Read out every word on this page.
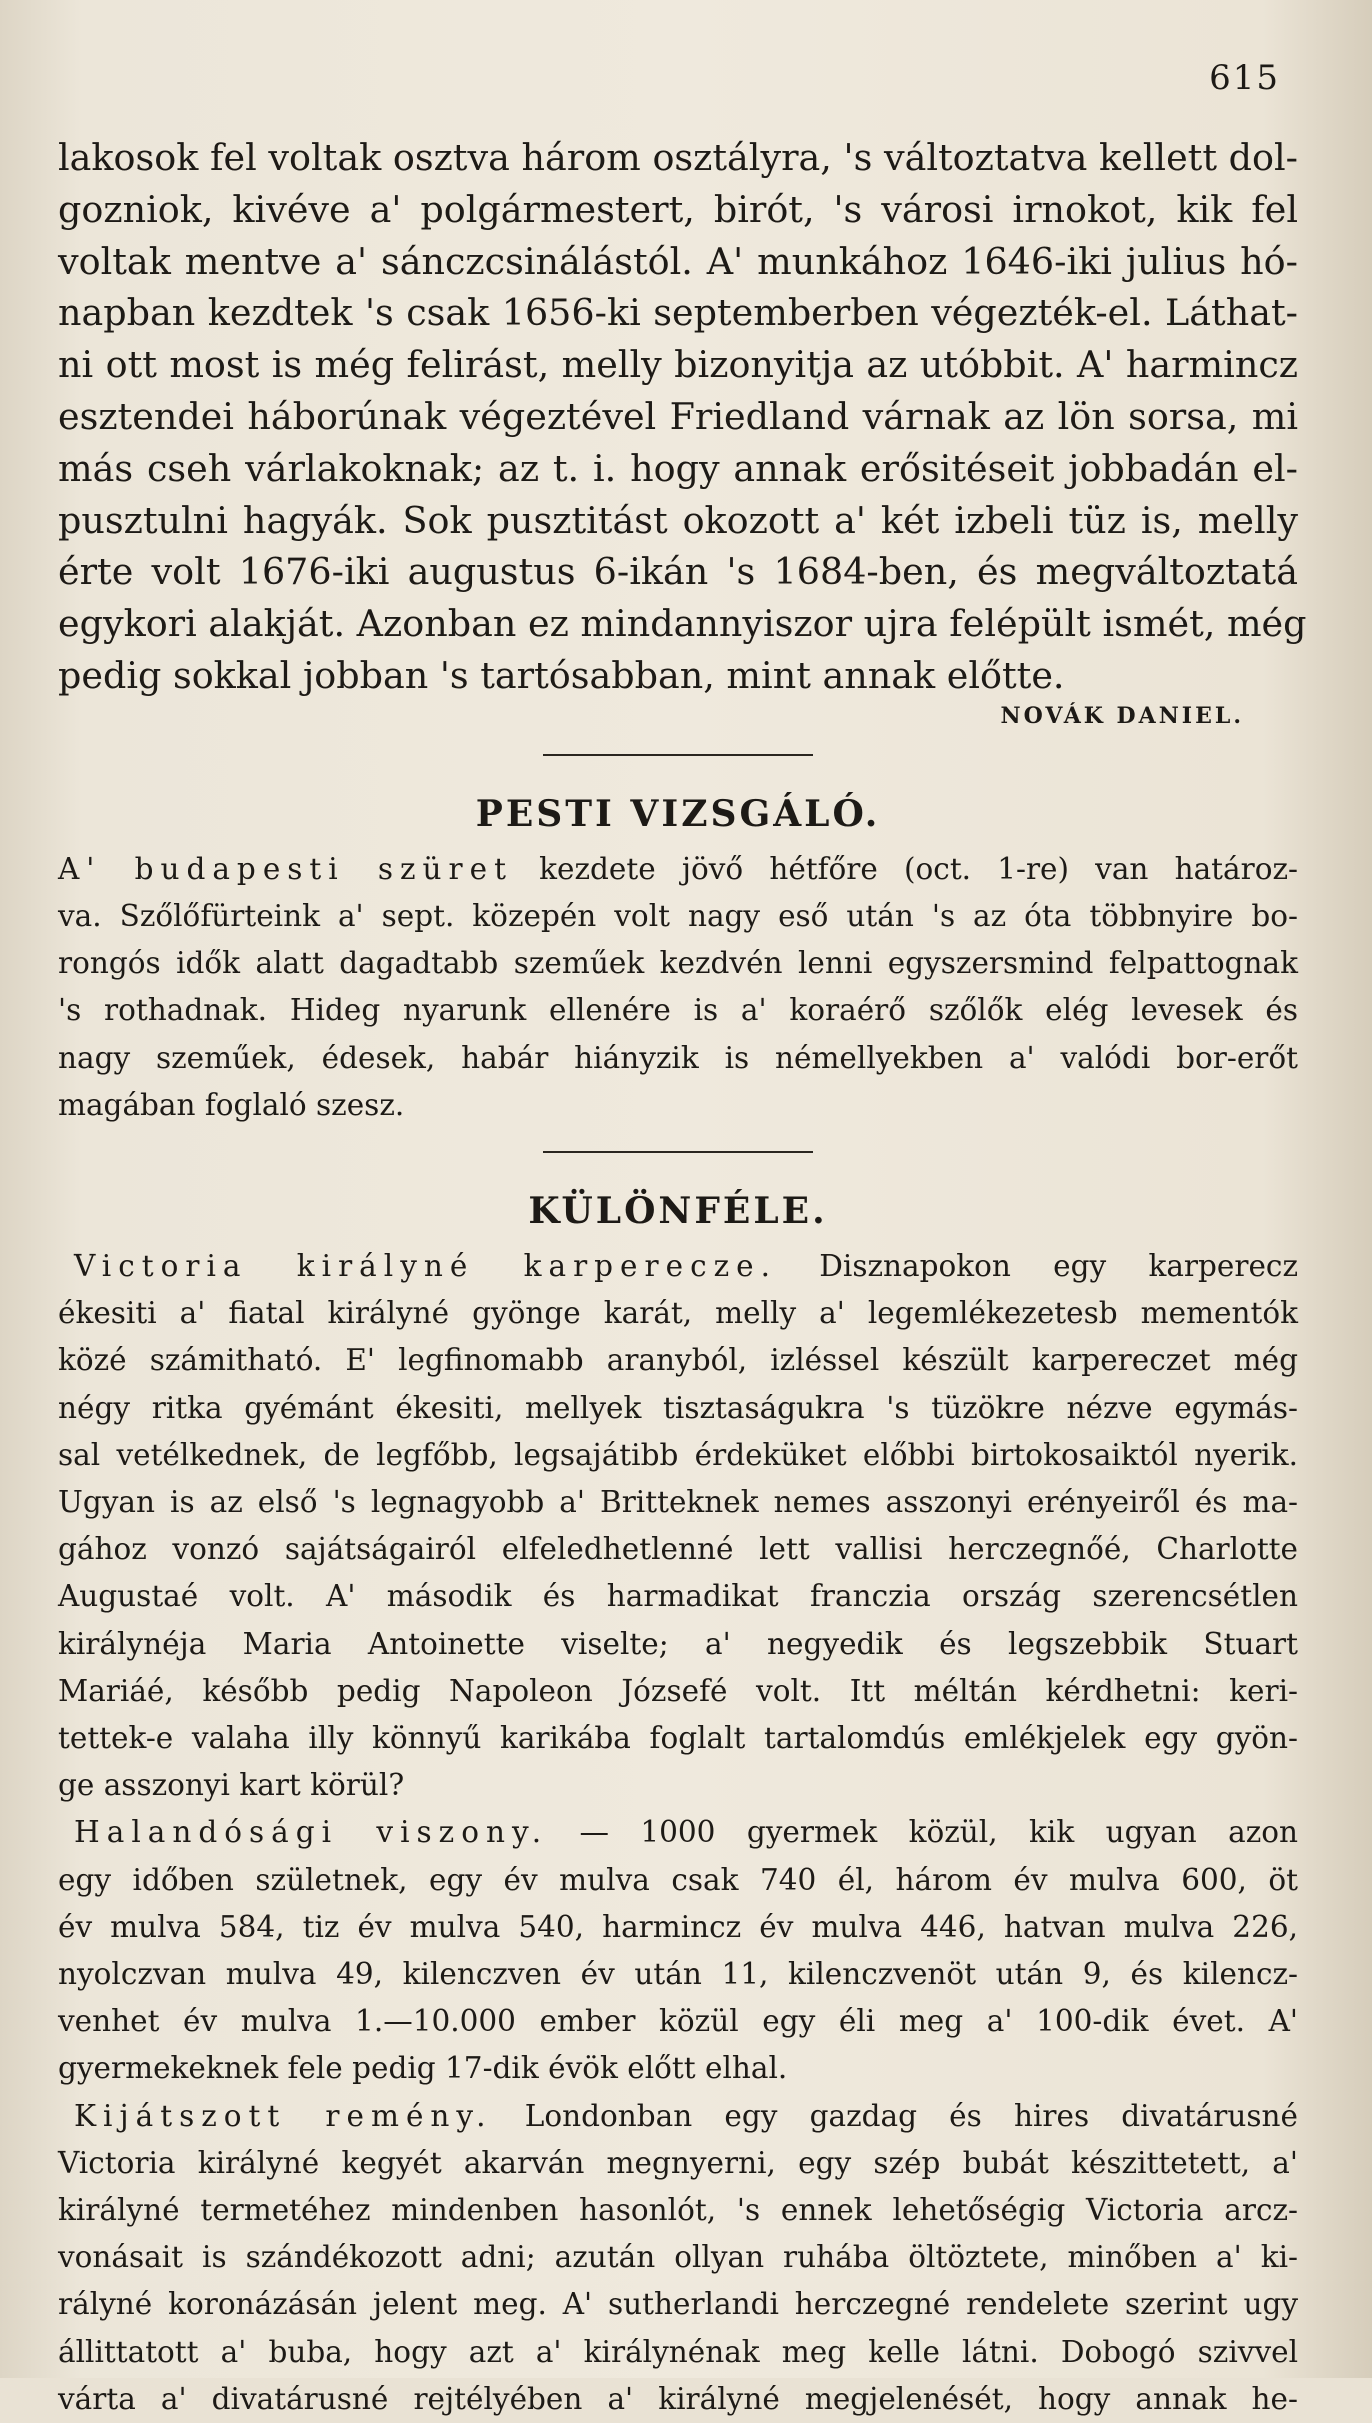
615

lakosok fel voltak osztva három osztályra, 's változtatva kellett dol-

gozniok, kivéve a' polgármestert, birót, 's városi irnokot, kik fel

voltak mentve a' sánczcsinálástól. A' munkához 1646-iki julius hó-

napban kezdtek 's csak 1656-ki septemberben végezték-el. Láthat-

ni ott most is még felirást, melly bizonyitja az utóbbit. A' harmincz

esztendei háborúnak végeztével Friedland várnak az lön sorsa, mi

más cseh várlakoknak; az t. i. hogy annak erősitéseit jobbadán el-

pusztulni hagyák. Sok pusztitást okozott a' két izbeli tüz is, melly

érte volt 1676-iki augustus 6-ikán 's 1684-ben, és megváltoztatá

egykori alakját. Azonban ez mindannyiszor ujra felépült ismét, még

pedig sokkal jobban 's tartósabban, mint annak előtte.

NOVÁK DANIEL.
PESTI VIZSGÁLÓ.

A' budapesti szüret kezdete jövő hétfőre (oct. 1-re) van határoz-

va. Szőlőfürteink a' sept. közepén volt nagy eső után 's az óta többnyire bo-

rongós idők alatt dagadtabb szeműek kezdvén lenni egyszersmind felpattognak

's rothadnak. Hideg nyarunk ellenére is a' koraérő szőlők elég levesek és

nagy szeműek, édesek, habár hiányzik is némellyekben a' valódi bor-erőt

magában foglaló szesz.

KÜLÖNFÉLE.

Victoria királyné karperecze. Disznapokon egy karperecz

ékesiti a' fiatal királyné gyönge karát, melly a' legemlékezetesb mementók

közé számitható. E' legfinomabb aranyból, izléssel készült karpereczet még

négy ritka gyémánt ékesiti, mellyek tisztaságukra 's tüzökre nézve egymás-

sal vetélkednek, de legfőbb, legsajátibb érdeküket előbbi birtokosaiktól nyerik.

Ugyan is az első 's legnagyobb a' Britteknek nemes asszonyi erényeiről és ma-

gához vonzó sajátságairól elfeledhetlenné lett vallisi herczegnőé, Charlotte

Augustaé volt. A' második és harmadikat franczia ország szerencsétlen

királynéja Maria Antoinette viselte; a' negyedik és legszebbik Stuart

Mariáé, később pedig Napoleon Józsefé volt. Itt méltán kérdhetni: keri-

tettek-e valaha illy könnyű karikába foglalt tartalomdús emlékjelek egy gyön-

ge asszonyi kart körül?

Halandósági viszony. — 1000 gyermek közül, kik ugyan azon

egy időben születnek, egy év mulva csak 740 él, három év mulva 600, öt

év mulva 584, tiz év mulva 540, harmincz év mulva 446, hatvan mulva 226,

nyolczvan mulva 49, kilenczven év után 11, kilenczvenöt után 9, és kilencz-

venhet év mulva 1.—10.000 ember közül egy éli meg a' 100-dik évet. A'

gyermekeknek fele pedig 17-dik évök előtt elhal.

Kijátszott remény. Londonban egy gazdag és hires divatárusné

Victoria királyné kegyét akarván megnyerni, egy szép bubát készittetett, a'

királyné termetéhez mindenben hasonlót, 's ennek lehetőségig Victoria arcz-

vonásait is szándékozott adni; azután ollyan ruhába öltöztete, minőben a' ki-

rályné koronázásán jelent meg. A' sutherlandi herczegné rendelete szerint ugy

állittatott a' buba, hogy azt a' királynénak meg kelle látni. Dobogó szivvel

várta a' divatárusné rejtélyében a' királyné megjelenését, hogy annak he-
